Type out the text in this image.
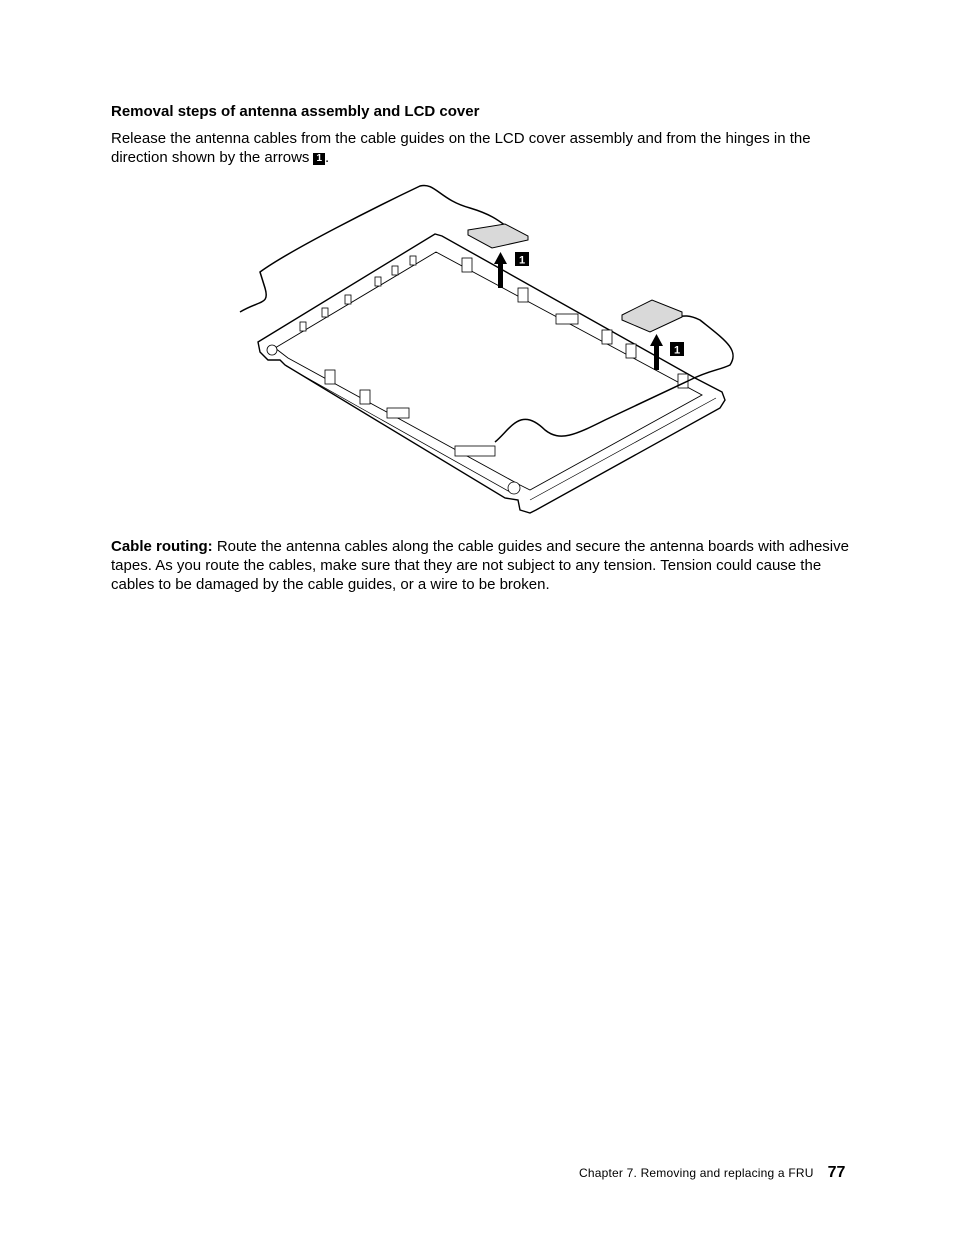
Removal steps of antenna assembly and LCD cover
Release the antenna cables from the cable guides on the LCD cover assembly and from the hinges in the direction shown by the arrows 1 .
1
1
Cable routing: Route the antenna cables along the cable guides and secure the antenna boards with adhesive tapes. As you route the cables, make sure that they are not subject to any tension. Tension could cause the cables to be damaged by the cable guides, or a wire to be broken.
Chapter 7. Removing and replacing a FRU 77
